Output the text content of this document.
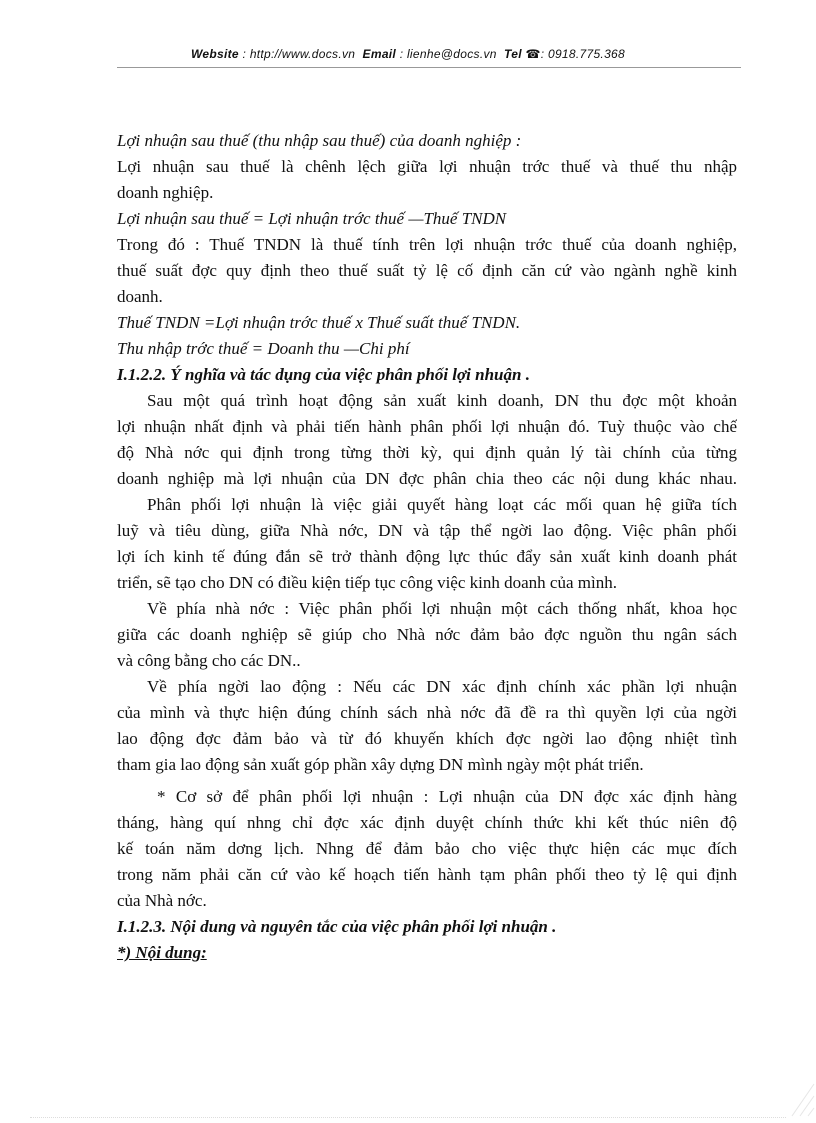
Website : http://www.docs.vn Email : lienhe@docs.vn Tel ☎: 0918.775.368
Lợi nhuận sau thuế (thu nhập sau thuế) của doanh nghiệp :
Lợi nhuận sau thuế là chênh lệch giữa lợi nhuận trớc thuế và thuế thu nhập
doanh nghiệp.
Lợi nhuận sau thuế = Lợi nhuận trớc thuế —Thuế TNDN
Trong đó : Thuế TNDN là thuế tính trên lợi nhuận trớc thuế của doanh nghiệp,
thuế suất đợc quy định theo thuế suất tỷ lệ cố định căn cứ vào ngành nghề kinh
doanh.
Thuế TNDN =Lợi nhuận trớc thuế x Thuế suất thuế TNDN.
Thu nhập trớc thuế = Doanh thu —Chi phí
I.1.2.2. Ý nghĩa và tác dụng của việc phân phối lợi nhuận .
Sau một quá trình hoạt động sản xuất kinh doanh, DN thu đợc một khoản
lợi nhuận nhất định và phải tiến hành phân phối lợi nhuận đó. Tuỳ thuộc vào chế
độ Nhà nớc qui định trong từng thời kỳ, qui định quản lý tài chính của từng
doanh nghiệp mà lợi nhuận của DN đợc phân chia theo các nội dung khác nhau.
Phân phối lợi nhuận là việc giải quyết hàng loạt các mối quan hệ giữa tích
luỹ và tiêu dùng, giữa Nhà nớc, DN và tập thể ngời lao động. Việc phân phối
lợi ích kinh tế đúng đắn sẽ trở thành động lực thúc đẩy sản xuất kinh doanh phát
triển, sẽ tạo cho DN có điều kiện tiếp tục công việc kinh doanh của mình.
Về phía nhà nớc : Việc phân phối lợi nhuận một cách thống nhất, khoa học
giữa các doanh nghiệp sẽ giúp cho Nhà nớc đảm bảo đợc nguồn thu ngân sách
và công bằng cho các DN..
Về phía ngời lao động : Nếu các DN xác định chính xác phần lợi nhuận
của mình và thực hiện đúng chính sách nhà nớc đã đề ra thì quyền lợi của ngời
lao động đợc đảm bảo và từ đó khuyến khích đợc ngời lao động nhiệt tình
tham gia lao động sản xuất góp phần xây dựng DN mình ngày một phát triển.
* Cơ sở để phân phối lợi nhuận : Lợi nhuận của DN đợc xác định hàng
tháng, hàng quí nhng chỉ đợc xác định duyệt chính thức khi kết thúc niên độ
kế toán năm dơng lịch. Nhng để đảm bảo cho việc thực hiện các mục đích
trong năm phải căn cứ vào kế hoạch tiến hành tạm phân phối theo tỷ lệ qui định
của Nhà nớc.
I.1.2.3. Nội dung và nguyên tắc của việc phân phối lợi nhuận .
*) Nội dung:
